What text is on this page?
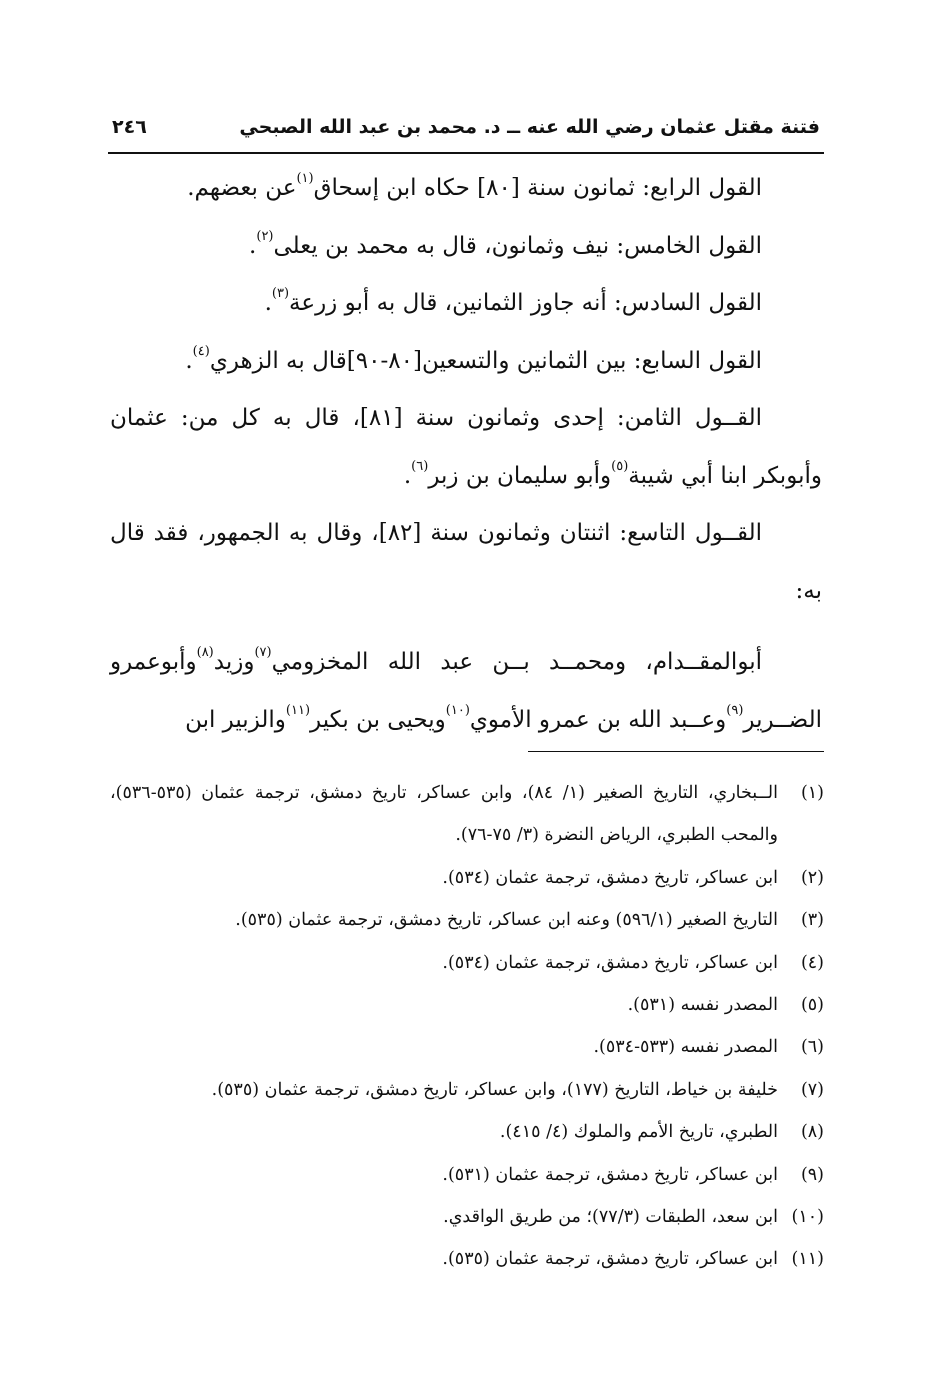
فتنة مقتل عثمان رضي الله عنه ــ د. محمد بن عبد الله الصبحي
٢٤٦

القول الرابع: ثمانون سنة [٨٠] حكاه ابن إسحاق$^{(١)}$عن بعضهم.

القول الخامس: نيف وثمانون، قال به محمد بن يعلى$^{(٢)}$.

القول السادس: أنه جاوز الثمانين، قال به أبو زرعة$^{(٣)}$.

القول السابع: بين الثمانين والتسعين[٨٠-٩٠]قال به الزهري$^{(٤)}$.

القــول الثامن: إحدى وثمانون سنة [٨١]، قال به كل من: عثمان وأبوبكر ابنا أبي شيبة$^{(٥)}$وأبو سليمان بن زبر$^{(٦)}$.

القــول التاسع: اثنتان وثمانون سنة [٨٢]، وقال به الجمهور، فقد قال به:

أبوالمقــدام، ومحمــد بــن عبد الله المخزومي$^{(٧)}$وزيد$^{(٨)}$وأبوعمرو الضــرير$^{(٩)}$وعــبد الله بن عمرو الأموي$^{(١٠)}$ويحيى بن بكير$^{(١١)}$والزبير ابن

(١)
الــبخاري، التاريخ الصغير (١/ ٨٤)، وابن عساكر، تاريخ دمشق، ترجمة عثمان (٥٣٥-٥٣٦)، والمحب الطبري، الرياض النضرة (٣/ ٧٥-٧٦).
(٢)
ابن عساكر، تاريخ دمشق، ترجمة عثمان (٥٣٤).
(٣)
التاريخ الصغير (٥٩٦/١) وعنه ابن عساكر، تاريخ دمشق، ترجمة عثمان (٥٣٥).
(٤)
ابن عساكر، تاريخ دمشق، ترجمة عثمان (٥٣٤).
(٥)
المصدر نفسه (٥٣١).
(٦)
المصدر نفسه (٥٣٣-٥٣٤).
(٧)
خليفة بن خياط، التاريخ (١٧٧)، وابن عساكر، تاريخ دمشق، ترجمة عثمان (٥٣٥).
(٨)
الطبري، تاريخ الأمم والملوك (٤/ ٤١٥).
(٩)
ابن عساكر، تاريخ دمشق، ترجمة عثمان (٥٣١).
(١٠)
ابن سعد، الطبقات (٧٧/٣)؛ من طريق الواقدي.
(١١)
ابن عساكر، تاريخ دمشق، ترجمة عثمان (٥٣٥).
